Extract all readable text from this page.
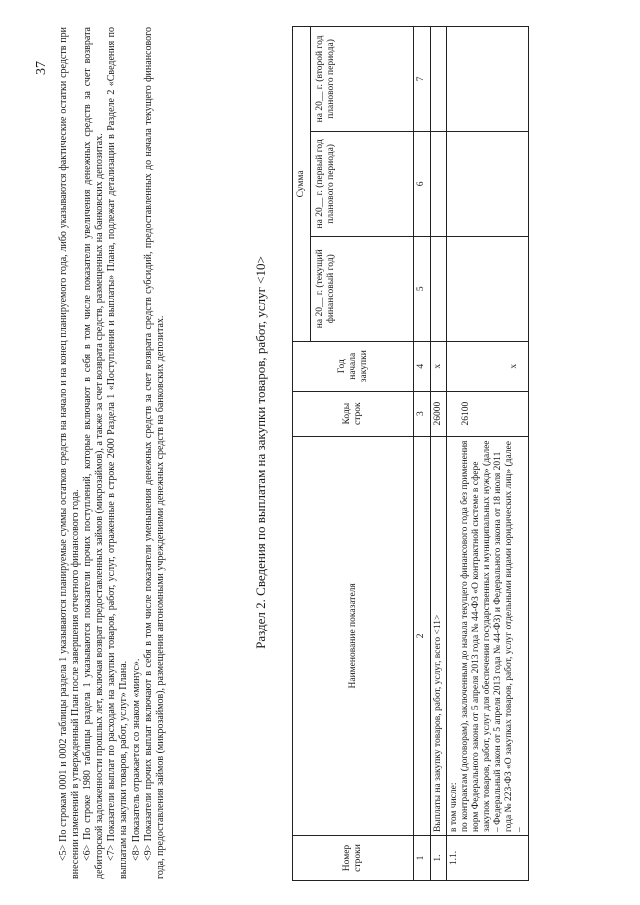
37 <5> По строкам 0001 и 0002 таблицы раздела 1 указываются планируемые суммы остатков средств на начало и на конец планируемого года, либо указываются фактические остатки средств при внесении изменений в утвержденный План после завершения отчетного финансового года. <6> По строке 1980 таблицы раздела 1 указываются показатели прочих поступлений, которые включают в себя в том числе показатели увеличения денежных средств за счет возврата дебиторской задолженности прошлых лет, включая возврат предоставленных займов (микрозаймов), а также за счет возврата средств, размещенных на банковских депозитах. <7> Показатели выплат по расходам на закупки товаров, работ, услуг, отраженные в строке 2600 Раздела 1 «Поступления и выплаты» Плана, подлежат детализации в Разделе 2 «Сведения по выплатам на закупки товаров, работ, услуг» Плана. <8> Показатель отражается со знаком «минус». <9> Показатели прочих выплат включают в себя в том числе показатели уменьшения денежных средств за счет возврата средств субсидий, предоставленных до начала текущего финансового года, предоставления займов (микрозаймов), размещения автономными учреждениями денежных средств на банковских депозитах.	Раздел 2. Сведения по выплатам на закупки товаров, работ, услуг <10>
Номер строки	Наименование показателя	Коды строк	Год начала закупки	Сумма		
				на 20__ г. (текущий финансовый год)	на 20__ г. (первый год планового периода)	на 20__ г. (второй год планового периода)
1	2	3	4	5	6	7
1.	Выплаты на закупку товаров, работ, услуг, всего <11>	26000	x			
1.1.	в том числе: по контрактам (договорам), заключенным до начала текущего финансового года без применения норм Федерального закона от 5 апреля 2013 года № 44-ФЗ «О контрактной системе в сфере закупок товаров, работ, услуг для обеспечения государственных и муниципальных нужд» (далее – Федеральный закон от 5 апреля 2013 года № 44-ФЗ) и Федерального закона от 18 июля 2011 года № 223-ФЗ «О закупках товаров, работ, услуг отдельными видами юридических лиц» (далее –	26100	x			
